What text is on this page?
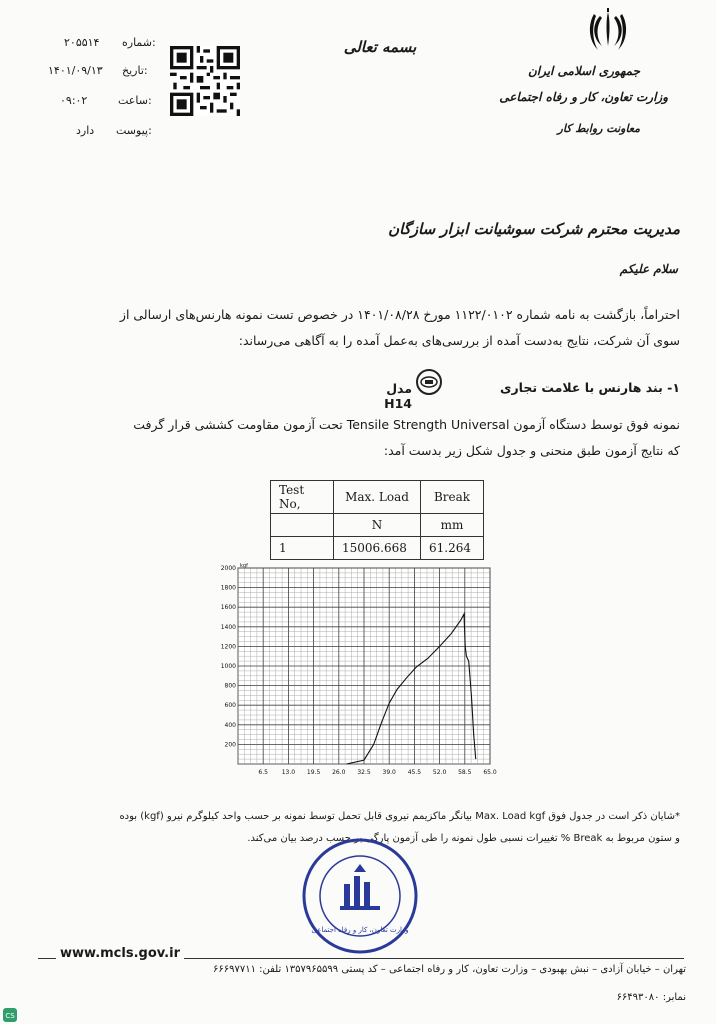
۲۰۵۵۱۴ شماره:
۱۴۰۱/۰۹/۱۳ تاریخ:
۰۹:۰۲	ساعت:
دارد پیوست:
بسمه تعالی
جمهوری اسلامی ایران
وزارت تعاون، کار و رفاه اجتماعی
معاونت روابط کار
مدیریت محترم شرکت سوشیانت ابزار سازگان
سلام علیکم
احتراماً، بازگشت به نامه شماره ۱۱۲۲/۰۱۰۲ مورخ ۱۴۰۱/۰۸/۲۸ در خصوص تست نمونه هارنس‌های ارسالی از
سوی آن شرکت، نتایج به‌دست آمده از بررسی‌های به‌عمل آمده را به آگاهی می‌رساند:
۱- بند هارنس با علامت تجاری
مدل H14
نمونه فوق توسط دستگاه آزمون Tensile Strength Universal تحت آزمون مقاومت کششی قرار گرفت
که نتایج آزمون طبق منحنی و جدول شکل زیر بدست آمد:
Test No,	Max. Load	Break
	N	mm
1	15006.668	61.264
6.5 13.0 19.5 26.0 32.5 39.0 45.5 52.0 58.5 65.0
200
400
600
800
1000
1200
1400
1600
1800
2000 kgf
*شایان ذکر است در جدول فوق Max. Load kgf بیانگر ماکزیمم نیروی قابل تحمل توسط نمونه بر حسب واحد کیلوگرم نیرو (kgf) بوده
و ستون مربوط به Break % تغییرات نسبی طول نمونه را طی آزمون پارگی بر حسب درصد بیان می‌کند.
وزارت تعاون، کار و رفاه اجتماعی
www.mcls.gov.ir
تهران – خیابان آزادی – نبش بهبودی – وزارت تعاون، کار و رفاه اجتماعی – کد پستی ۱۳۵۷۹۶۵۵۹۹ تلفن: ۶۶۶۹۷۷۱۱
نمابر: ۶۶۴۹۳۰۸۰
CS
